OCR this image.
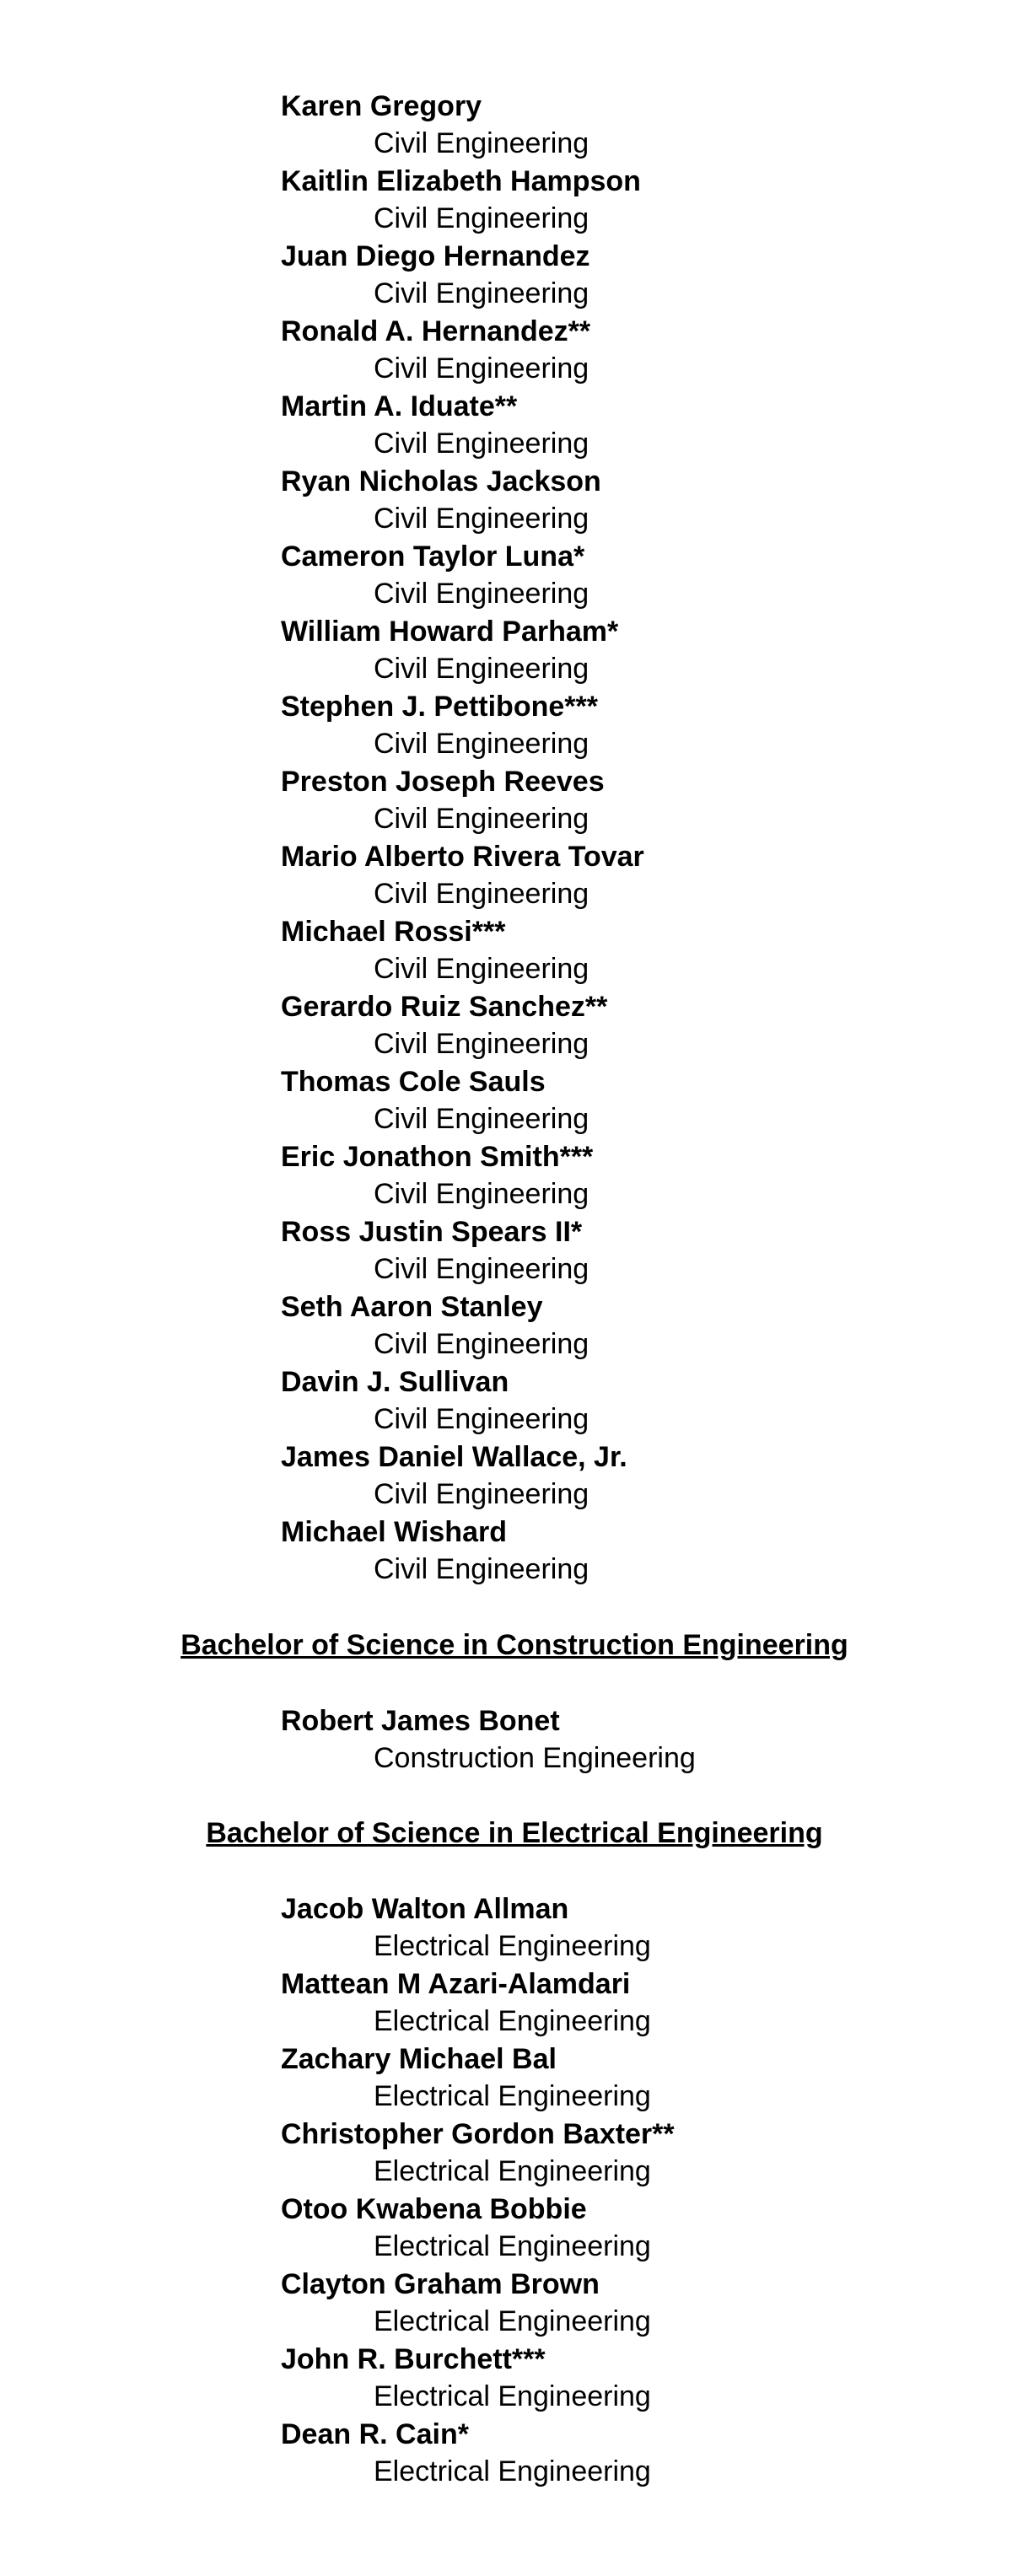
Karen Gregory
Civil Engineering
Kaitlin Elizabeth Hampson
Civil Engineering
Juan Diego Hernandez
Civil Engineering
Ronald A. Hernandez**
Civil Engineering
Martin A. Iduate**
Civil Engineering
Ryan Nicholas Jackson
Civil Engineering
Cameron Taylor Luna*
Civil Engineering
William Howard Parham*
Civil Engineering
Stephen J. Pettibone***
Civil Engineering
Preston Joseph Reeves
Civil Engineering
Mario Alberto Rivera Tovar
Civil Engineering
Michael Rossi***
Civil Engineering
Gerardo Ruiz Sanchez**
Civil Engineering
Thomas Cole Sauls
Civil Engineering
Eric Jonathon Smith***
Civil Engineering
Ross Justin Spears II*
Civil Engineering
Seth Aaron Stanley
Civil Engineering
Davin J. Sullivan
Civil Engineering
James Daniel Wallace, Jr.
Civil Engineering
Michael Wishard
Civil Engineering
Bachelor of Science in Construction Engineering
Robert James Bonet
Construction Engineering
Bachelor of Science in Electrical Engineering
Jacob Walton Allman
Electrical Engineering
Mattean M Azari-Alamdari
Electrical Engineering
Zachary Michael Bal
Electrical Engineering
Christopher Gordon Baxter**
Electrical Engineering
Otoo Kwabena Bobbie
Electrical Engineering
Clayton Graham Brown
Electrical Engineering
John R. Burchett***
Electrical Engineering
Dean R. Cain*
Electrical Engineering
